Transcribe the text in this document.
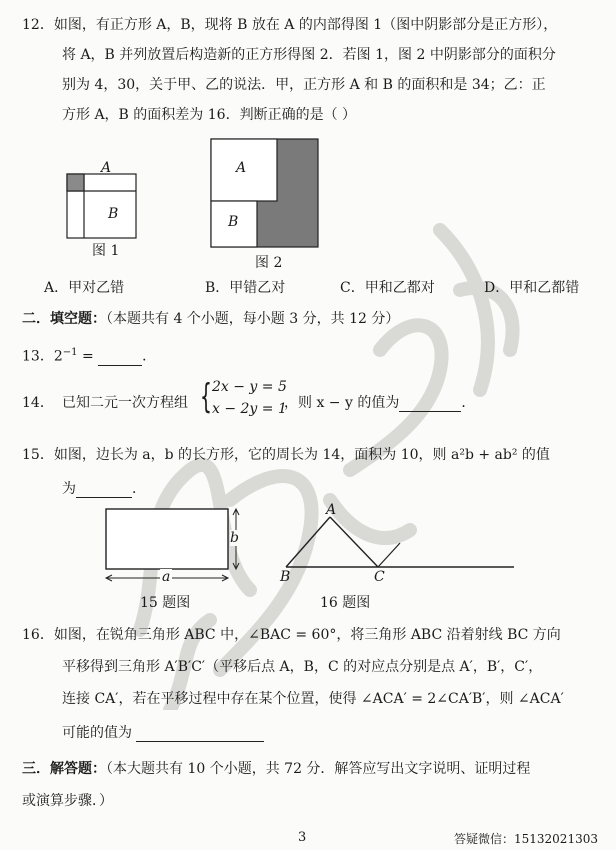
12．如图，有正方形 A，B，现将 B 放在 A 的内部得图 1（图中阴影部分是正方形），
将 A，B 并列放置后构造新的正方形得图 2．若图 1，图 2 中阴影部分的面积分
别为 4，30，关于甲、乙的说法．甲，正方形 A 和 B 的面积和是 34；乙：正
方形 A，B 的面积差为 16．判断正确的是（ ）
A
B
图 1
A
B
图 2
A．甲对乙错	B．甲错乙对	C．甲和乙都对	D．甲和乙都错
二．填空题：（本题共有 4 个小题，每小题 3 分，共 12 分）
13．$2^{-1}$ =	．
14． 已知二元一次方程组 { 2x − y = 5
x − 2y = 1
，则 x − y 的值为	．
15．如图，边长为 a，b 的长方形，它的周长为 14，面积为 10，则 a²b + ab² 的值
为	．
b
a
15 题图
A
B	C
16 题图
16．如图，在锐角三角形 ABC 中，∠BAC = 60°，将三角形 ABC 沿着射线 BC 方向
平移得到三角形 A′B′C′（平移后点 A，B，C 的对应点分别是点 A′，B′，C′，
连接 CA′，若在平移过程中存在某个位置，使得 ∠ACA′ = 2∠CA′B′，则 ∠ACA′
可能的值为
三．解答题：（本大题共有 10 个小题，共 72 分．解答应写出文字说明、证明过程
或演算步骤．）
3	答疑微信：15132021303
